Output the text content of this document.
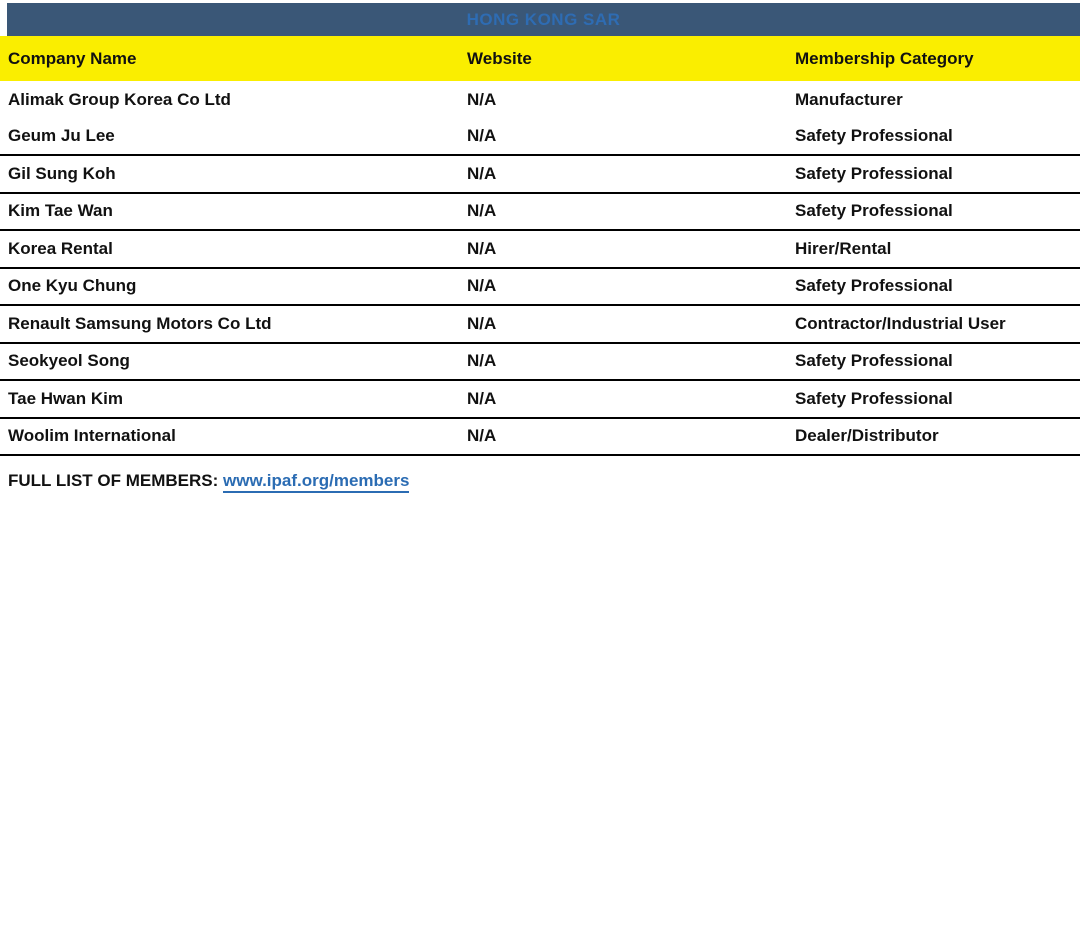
HONG KONG SAR
Company Name	Website	Membership Category
Alimak Group Korea Co Ltd	N/A	Manufacturer
Geum Ju Lee	N/A	Safety Professional
Gil Sung Koh	N/A	Safety Professional
Kim Tae Wan	N/A	Safety Professional
Korea Rental	N/A	Hirer/Rental
One Kyu Chung	N/A	Safety Professional
Renault Samsung Motors Co Ltd	N/A	Contractor/Industrial User
Seokyeol Song	N/A	Safety Professional
Tae Hwan Kim	N/A	Safety Professional
Woolim International	N/A	Dealer/Distributor
FULL LIST OF MEMBERS: www.ipaf.org/members
